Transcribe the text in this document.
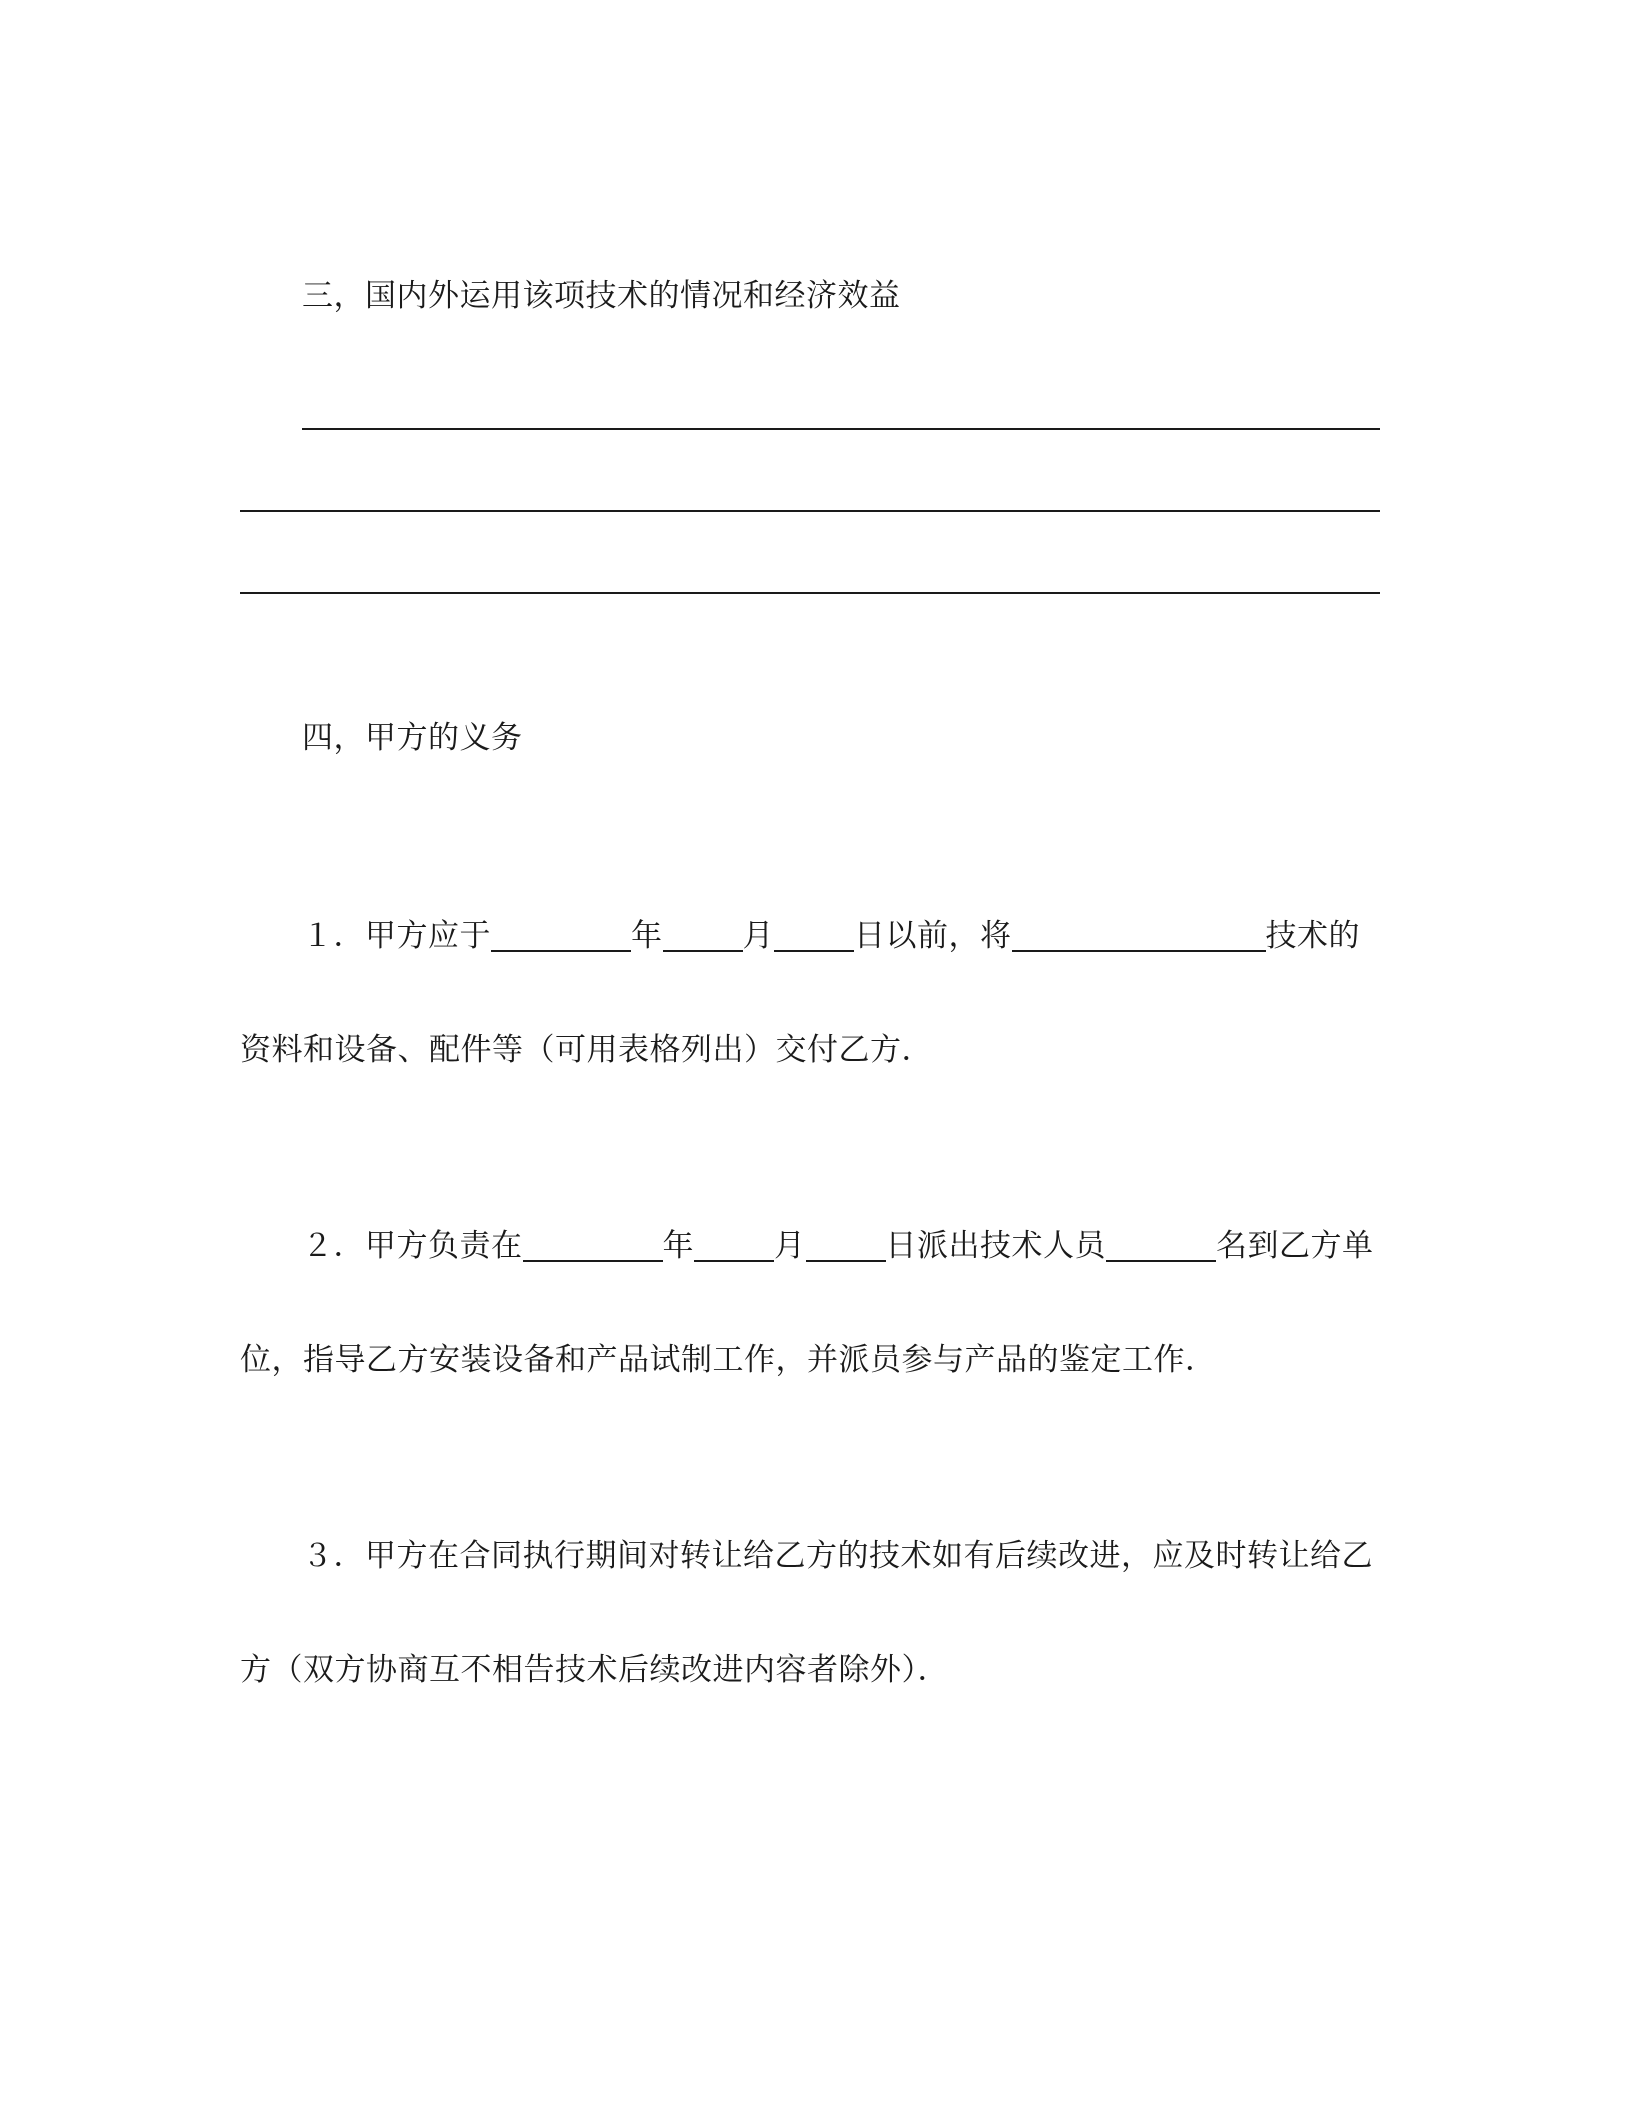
三，国内外运用该项技术的情况和经济效益
四，甲方的义务
１．甲方应于	年	月	日以前，将	技术的
资料和设备、配件等（可用表格列出）交付乙方．
２．甲方负责在	年	月	日派出技术人员	名到乙方单
位，指导乙方安装设备和产品试制工作，并派员参与产品的鉴定工作．
３．甲方在合同执行期间对转让给乙方的技术如有后续改进，应及时转让给乙
方（双方协商互不相告技术后续改进内容者除外）．
